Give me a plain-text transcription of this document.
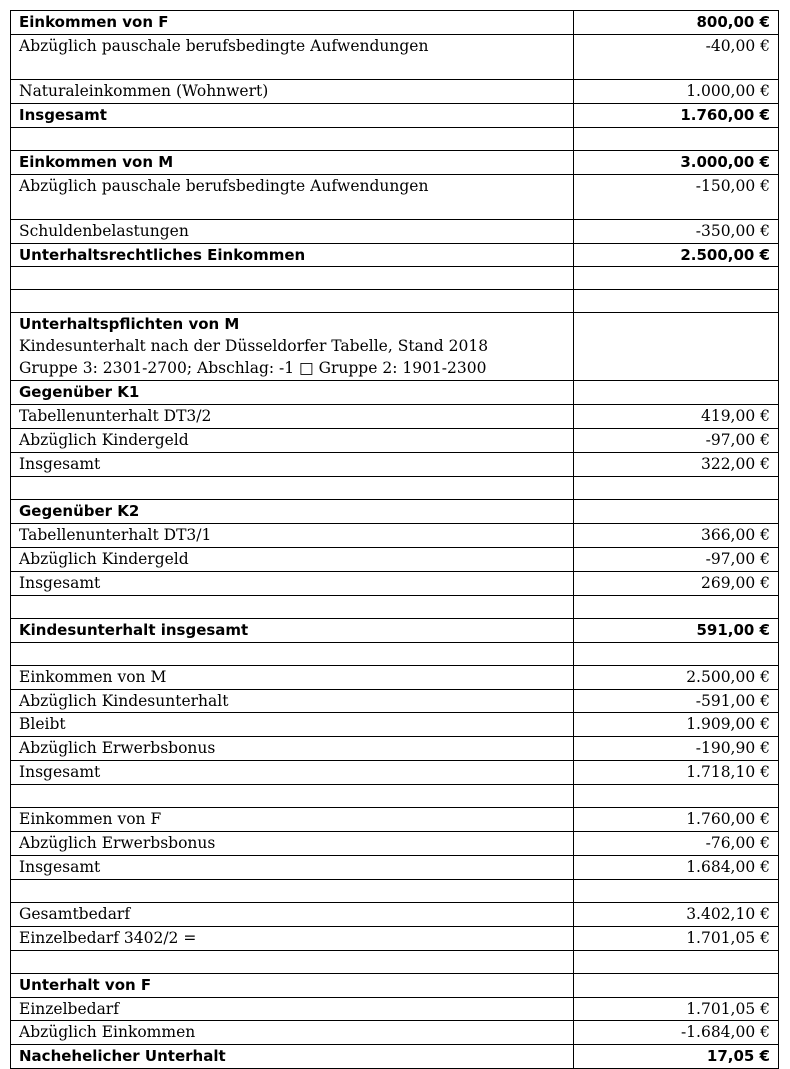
Einkommen von F	800,00 €

Abzüglich pauschale berufsbedingte Aufwendungen	-40,00 €

Naturaleinkommen (Wohnwert)	1.000,00 €

Insgesamt	1.760,00 €

Einkommen von M	3.000,00 €

Abzüglich pauschale berufsbedingte Aufwendungen	-150,00 €

Schuldenbelastungen	-350,00 €

Unterhaltsrechtliches Einkommen	2.500,00 €

Unterhaltspflichten von M
Kindesunterhalt nach der Düsseldorfer Tabelle, Stand 2018
Gruppe 3: 2301-2700; Abschlag: -1 □ Gruppe 2: 1901-2300	

Gegenüber K1	

Tabellenunterhalt DT3/2	419,00 €

Abzüglich Kindergeld	-97,00 €

Insgesamt	322,00 €

Gegenüber K2	

Tabellenunterhalt DT3/1	366,00 €

Abzüglich Kindergeld	-97,00 €

Insgesamt	269,00 €

Kindesunterhalt insgesamt	591,00 €

Einkommen von M	2.500,00 €

Abzüglich Kindesunterhalt	-591,00 €

Bleibt	1.909,00 €

Abzüglich Erwerbsbonus	-190,90 €

Insgesamt	1.718,10 €

Einkommen von F	1.760,00 €

Abzüglich Erwerbsbonus	-76,00 €

Insgesamt	1.684,00 €

Gesamtbedarf	3.402,10 €

Einzelbedarf 3402/2 =	1.701,05 €

Unterhalt von F	

Einzelbedarf	1.701,05 €

Abzüglich Einkommen	-1.684,00 €

Nachehelicher Unterhalt	17,05 €
